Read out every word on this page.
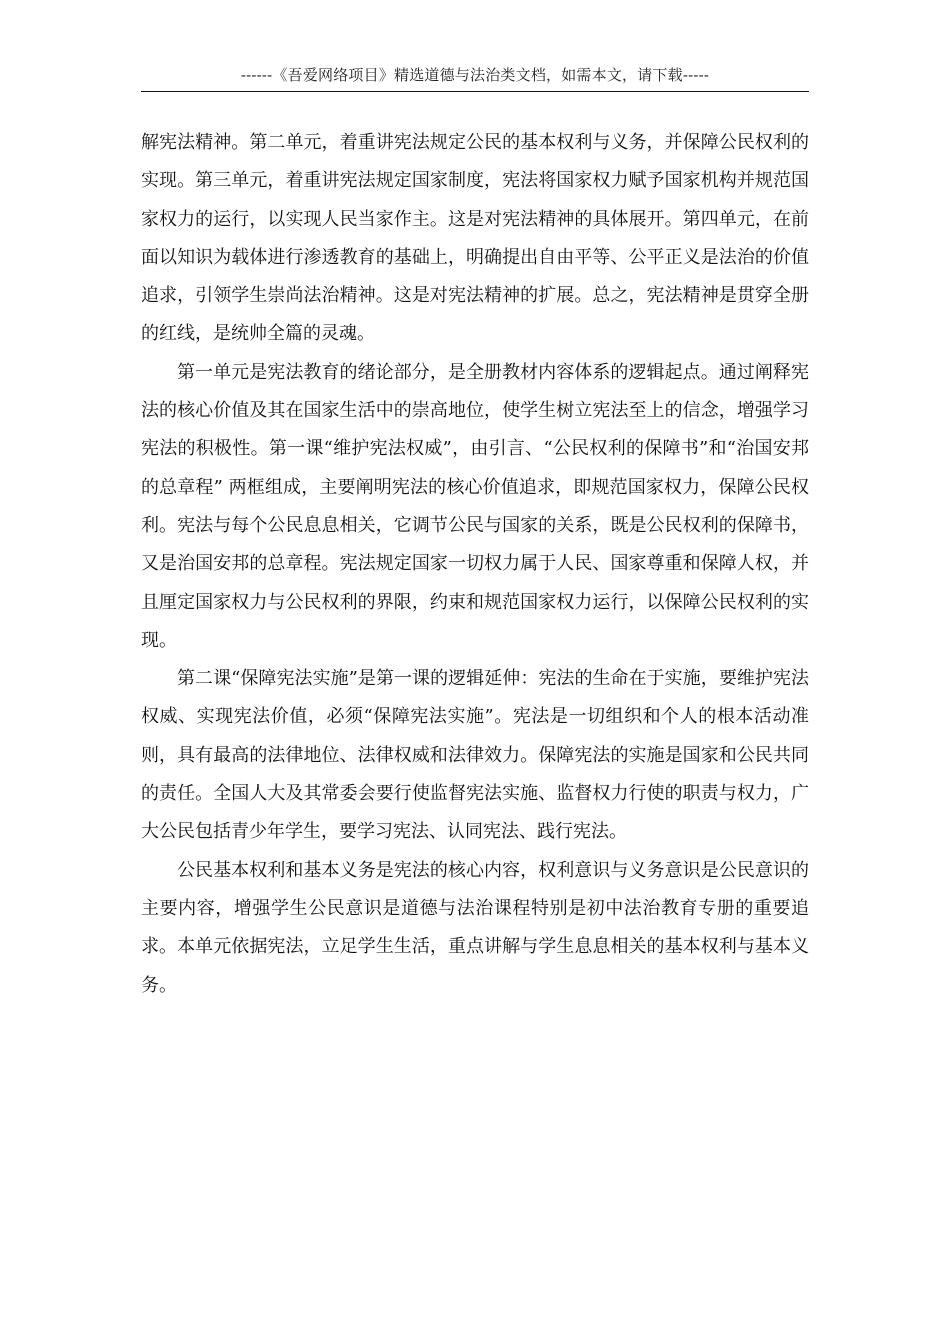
------《吾爱网络项目》精选道德与法治类文档，如需本文，请下载-----

解宪法精神。第二单元，着重讲宪法规定公民的基本权利与义务，并保障公民权利的实现。第三单元，着重讲宪法规定国家制度，宪法将国家权力赋予国家机构并规范国家权力的运行，以实现人民当家作主。这是对宪法精神的具体展开。第四单元，在前面以知识为载体进行渗透教育的基础上，明确提出自由平等、公平正义是法治的价值追求，引领学生崇尚法治精神。这是对宪法精神的扩展。总之，宪法精神是贯穿全册的红线，是统帅全篇的灵魂。

第一单元是宪法教育的绪论部分，是全册教材内容体系的逻辑起点。通过阐释宪法的核心价值及其在国家生活中的崇高地位，使学生树立宪法至上的信念，增强学习宪法的积极性。第一课“维护宪法权威”，由引言、“公民权利的保障书”和“治国安邦的总章程” 两框组成，主要阐明宪法的核心价值追求，即规范国家权力，保障公民权利。宪法与每个公民息息相关，它调节公民与国家的关系，既是公民权利的保障书，又是治国安邦的总章程。宪法规定国家一切权力属于人民、国家尊重和保障人权，并且厘定国家权力与公民权利的界限，约束和规范国家权力运行，以保障公民权利的实现。

第二课“保障宪法实施”是第一课的逻辑延伸：宪法的生命在于实施，要维护宪法权威、实现宪法价值，必须“保障宪法实施”。宪法是一切组织和个人的根本活动准则，具有最高的法律地位、法律权威和法律效力。保障宪法的实施是国家和公民共同的责任。全国人大及其常委会要行使监督宪法实施、监督权力行使的职责与权力，广大公民包括青少年学生，要学习宪法、认同宪法、践行宪法。

公民基本权利和基本义务是宪法的核心内容，权利意识与义务意识是公民意识的主要内容，增强学生公民意识是道德与法治课程特别是初中法治教育专册的重要追求。本单元依据宪法，立足学生生活，重点讲解与学生息息相关的基本权利与基本义务。
